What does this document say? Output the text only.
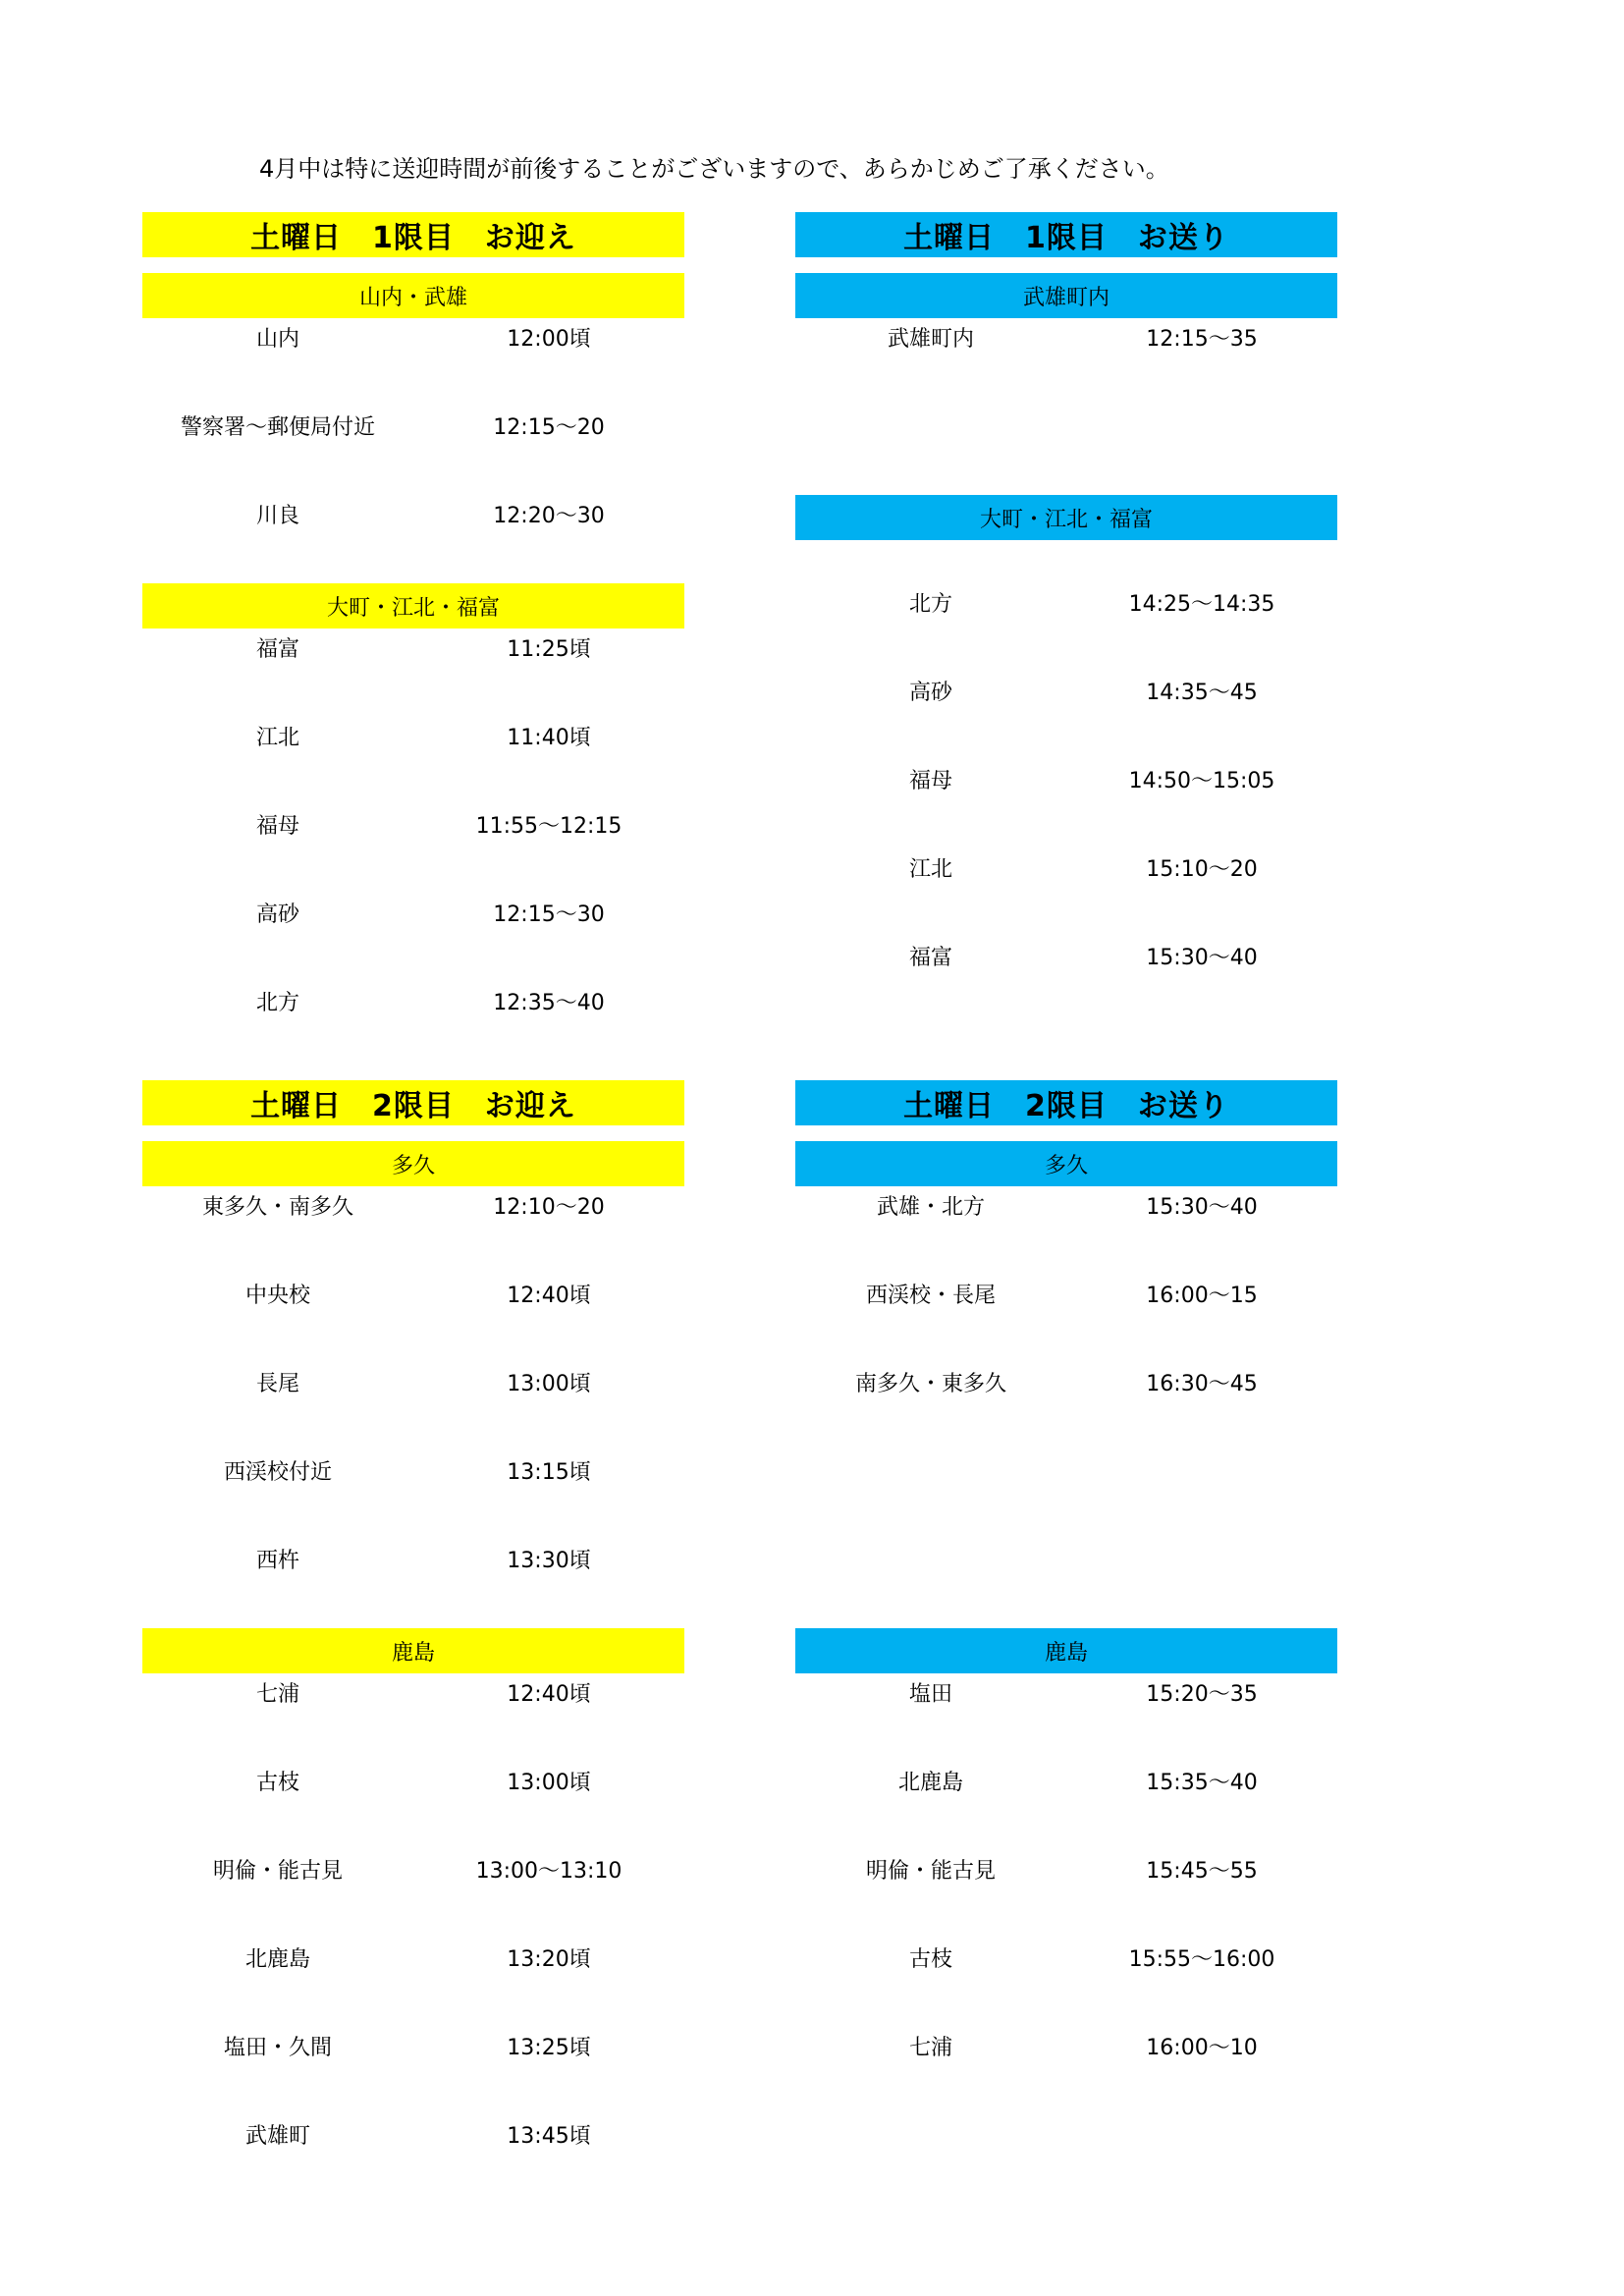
4月中は特に送迎時間が前後することがございますので、あらかじめご了承ください。
土曜日　1限目　お迎え
山内・武雄
山内	12:00頃
警察署～郵便局付近	12:15～20
川良	12:20～30
大町・江北・福富
福富	11:25頃
江北	11:40頃
福母	11:55～12:15
高砂	12:15～30
北方	12:35～40
土曜日　1限目　お送り
武雄町内
武雄町内	12:15～35
大町・江北・福富
北方	14:25～14:35
高砂	14:35～45
福母	14:50～15:05
江北	15:10～20
福富	15:30～40
土曜日　2限目　お迎え
多久
東多久・南多久	12:10～20
中央校	12:40頃
長尾	13:00頃
西渓校付近	13:15頃
西杵	13:30頃
鹿島
七浦	12:40頃
古枝	13:00頃
明倫・能古見	13:00～13:10
北鹿島	13:20頃
塩田・久間	13:25頃
武雄町	13:45頃
土曜日　2限目　お送り
多久
武雄・北方	15:30～40
西渓校・長尾	16:00～15
南多久・東多久	16:30～45
鹿島
塩田	15:20～35
北鹿島	15:35～40
明倫・能古見	15:45～55
古枝	15:55～16:00
七浦	16:00～10
